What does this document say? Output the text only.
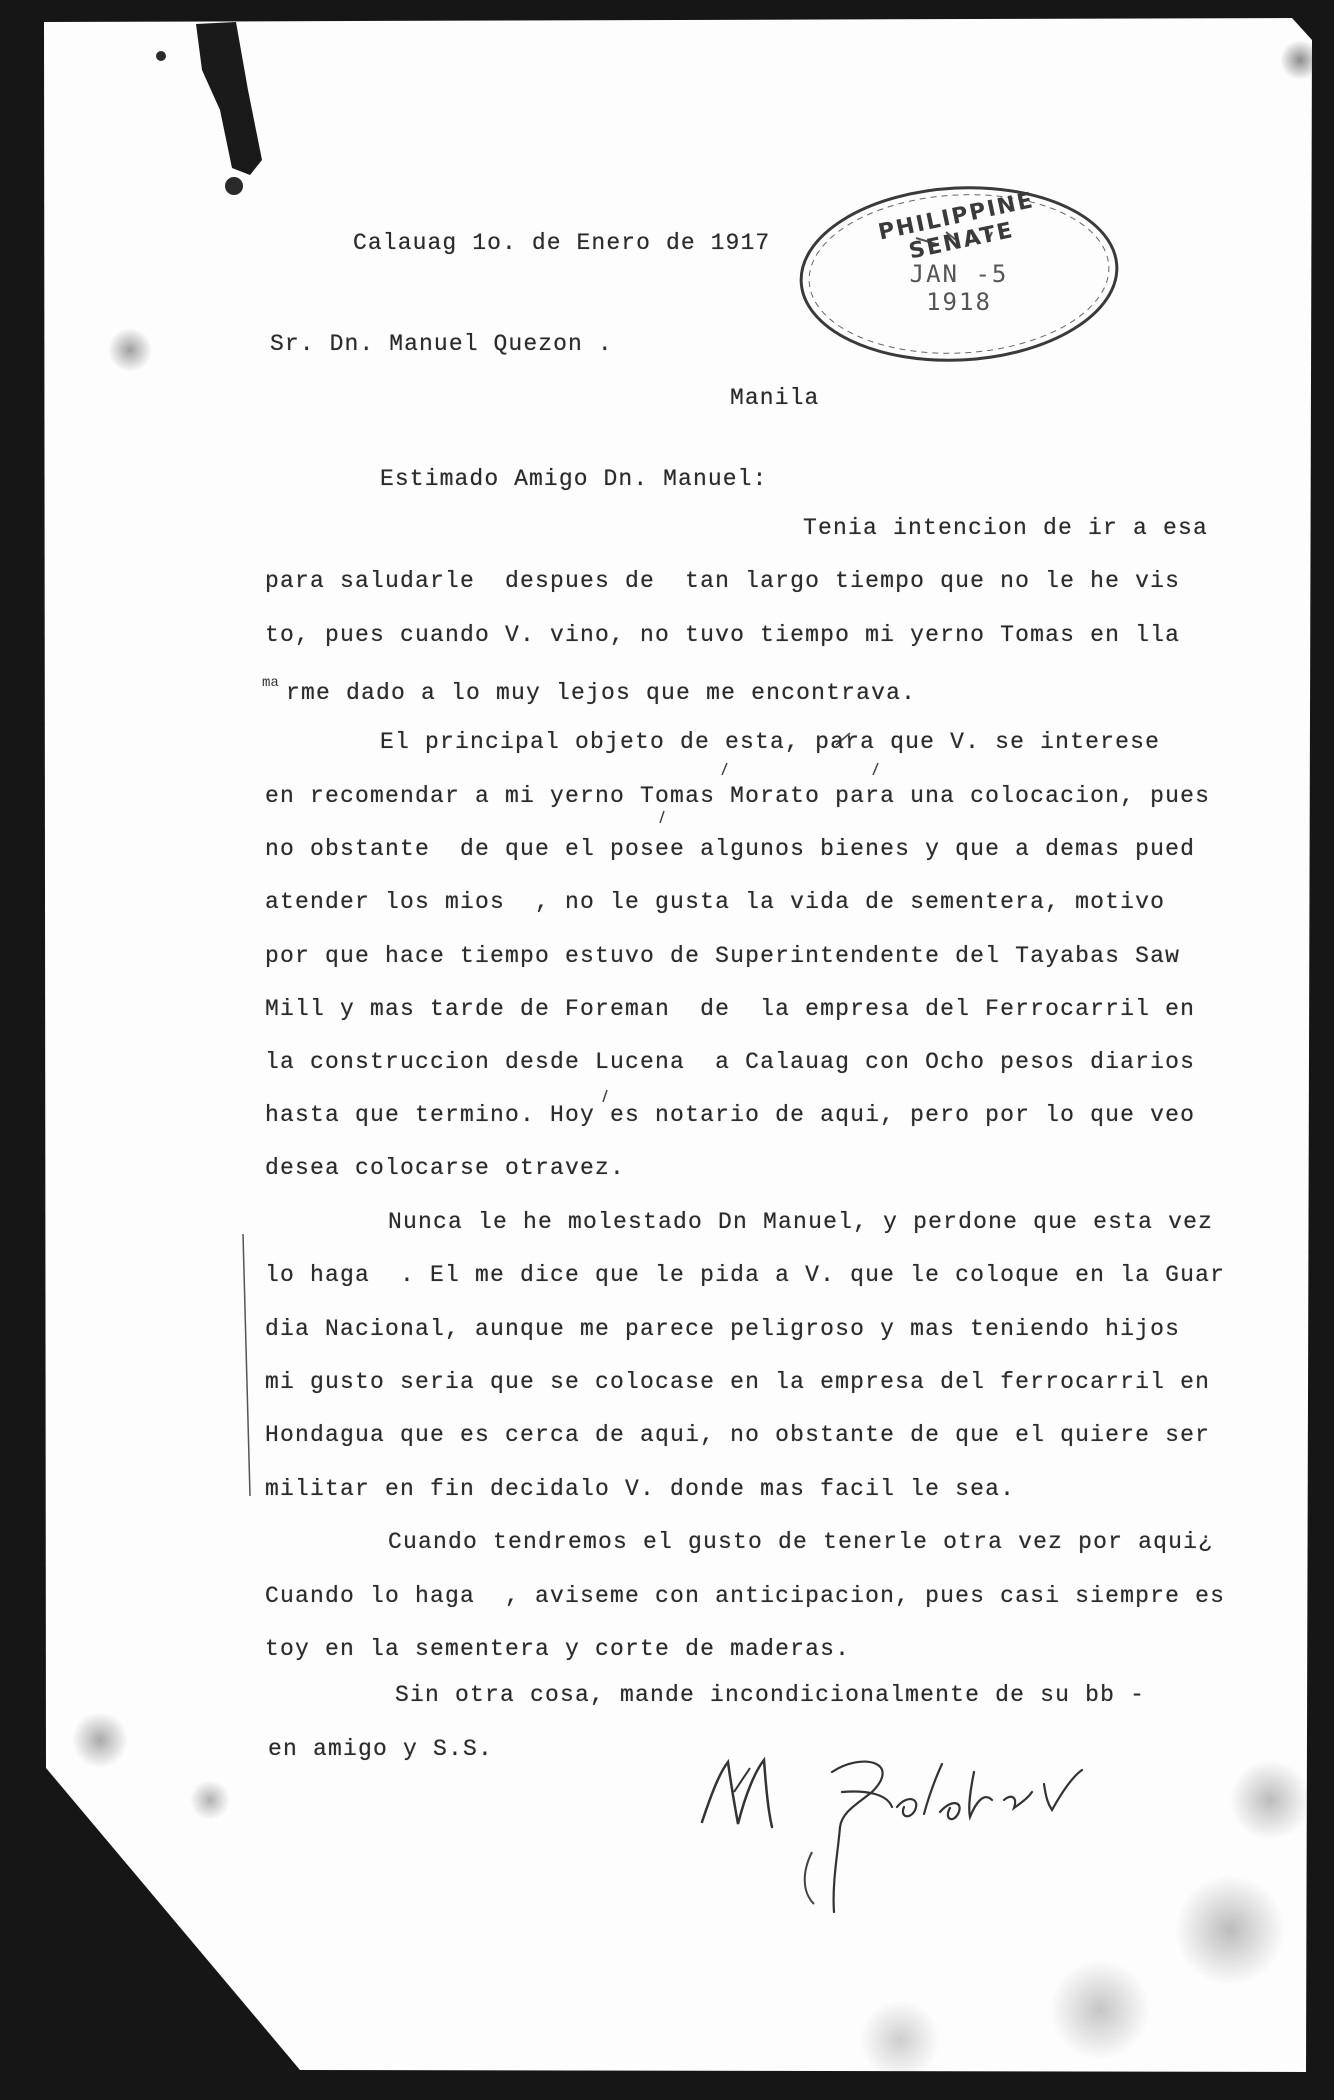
PHILIPPINE SENATE
JAN -5 1918

Calauag 1o. de Enero de 1917

Sr. Dn. Manuel Quezon .

Manila

Estimado Amigo Dn. Manuel:

Tenia intencion de ir a esa

para saludarle  despues de  tan largo tiempo que no le he vis

to, pues cuando V. vino, no tuvo tiempo mi yerno Tomas en lla

ma rme dado a lo muy lejos que me encontrava.

El principal objeto de esta, para que V. se interese

en recomendar a mi yerno Tomas Morato para una colocacion, pues

no obstante  de que el posee algunos bienes y que a demas pued

atender los mios  , no le gusta la vida de sementera, motivo

por que hace tiempo estuvo de Superintendente del Tayabas Saw

Mill y mas tarde de Foreman  de  la empresa del Ferrocarril en

la construccion desde Lucena  a Calauag con Ocho pesos diarios

hasta que termino. Hoy es notario de aqui, pero por lo que veo

desea colocarse otravez.

Nunca le he molestado Dn Manuel, y perdone que esta vez

lo haga  . El me dice que le pida a V. que le coloque en la Guar

dia Nacional, aunque me parece peligroso y mas teniendo hijos

mi gusto seria que se colocase en la empresa del ferrocarril en

Hondagua que es cerca de aqui, no obstante de que el quiere ser

militar en fin decidalo V. donde mas facil le sea.

Cuando tendremos el gusto de tenerle otra vez por aqui¿

Cuando lo haga  , aviseme con anticipacion, pues casi siempre es

toy en la sementera y corte de maderas.

Sin otra cosa, mande incondicionalmente de su bb -

en amigo y S.S.
